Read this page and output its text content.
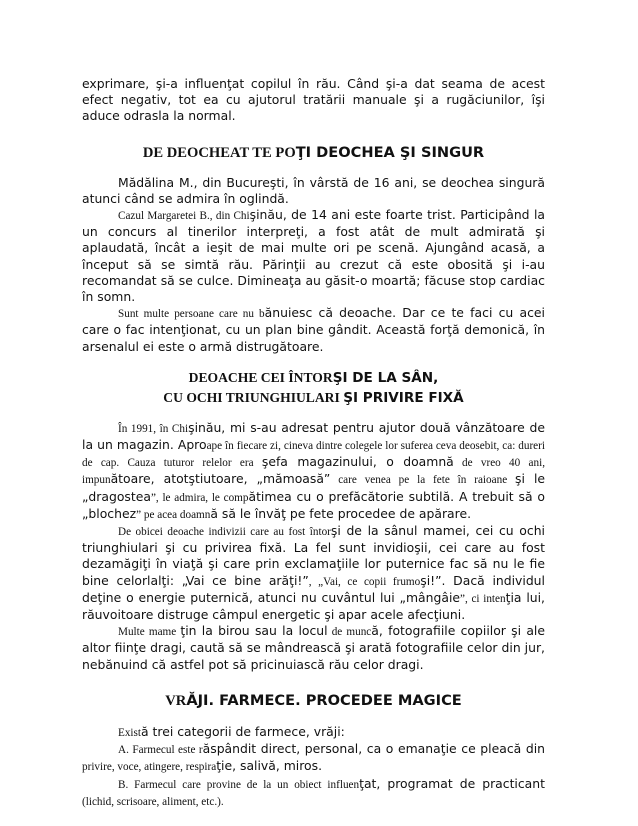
exprimare, şi-a influenţat copilul în rău. Când şi-a dat seama de acest efect negativ, tot ea cu ajutorul tratării manuale şi a rugăciunilor, îşi aduce odrasla la normal.

DE DEOCHEAT TE POŢI DEOCHEA ŞI SINGUR

Mădălina M., din Bucureşti, în vârstă de 16 ani, se deochea singură atunci când se admira în oglindă.

Cazul Margaretei B., din Chişinău, de 14 ani este foarte trist. Participând la un concurs al tinerilor interpreţi, a fost atât de mult admirată şi aplaudată, încât a ieşit de mai multe ori pe scenă. Ajungând acasă, a început să se simtă rău. Părinţii au crezut că este obosită şi i-au recomandat să se culce. Dimineaţa au găsit-o moartă; făcuse stop cardiac în somn.

Sunt multe persoane care nu bănuiesc că deoache. Dar ce te faci cu acei care o fac intenţionat, cu un plan bine gândit. Această forţă demonică, în arsenalul ei este o armă distrugătoare.

DEOACHE CEI ÎNTORŞI DE LA SÂN,

CU OCHI TRIUNGHIULARI ŞI PRIVIRE FIXĂ

În 1991, în Chişinău, mi s-au adresat pentru ajutor două vânzătoare de la un magazin. Aproape în fiecare zi, cineva dintre colegele lor suferea ceva deosebit, ca: dureri de cap. Cauza tuturor relelor era şefa magazinului, o doamnă de vreo 40 ani, impunătoare, atotştiutoare, „mămoasă” care venea pe la fete în raioane şi le „dragostea”, le admira, le compătimea cu o prefăcătorie subtilă. A trebuit să o „blochez” pe acea doamnă să le învăţ pe fete procedee de apărare.

De obicei deoache indivizii care au fost întorşi de la sânul mamei, cei cu ochi triunghiulari şi cu privirea fixă. La fel sunt invidioşii, cei care au fost dezamăgiţi în viaţă şi care prin exclamaţiile lor puternice fac să nu le fie bine celorlalţi: „Vai ce bine arăţi!”, „Vai, ce copii frumoşi!”. Dacă individul deţine o energie puternică, atunci nu cuvântul lui „mângâie”, ci intenţia lui, răuvoitoare distruge câmpul energetic şi apar acele afecţiuni.

Multe mame ţin la birou sau la locul de muncă, fotografiile copiilor şi ale altor fiinţe dragi, caută să se mândrească şi arată fotografiile celor din jur, nebănuind că astfel pot să pricinuiască rău celor dragi.

VRĂJI. FARMECE. PROCEDEE MAGICE

Există trei categorii de farmece, vrăji:

A. Farmecul este răspândit direct, personal, ca o emanaţie ce pleacă din privire, voce, atingere, respiraţie, salivă, miros.

B. Farmecul care provine de la un obiect influenţat, programat de practicant (lichid, scrisoare, aliment, etc.).
